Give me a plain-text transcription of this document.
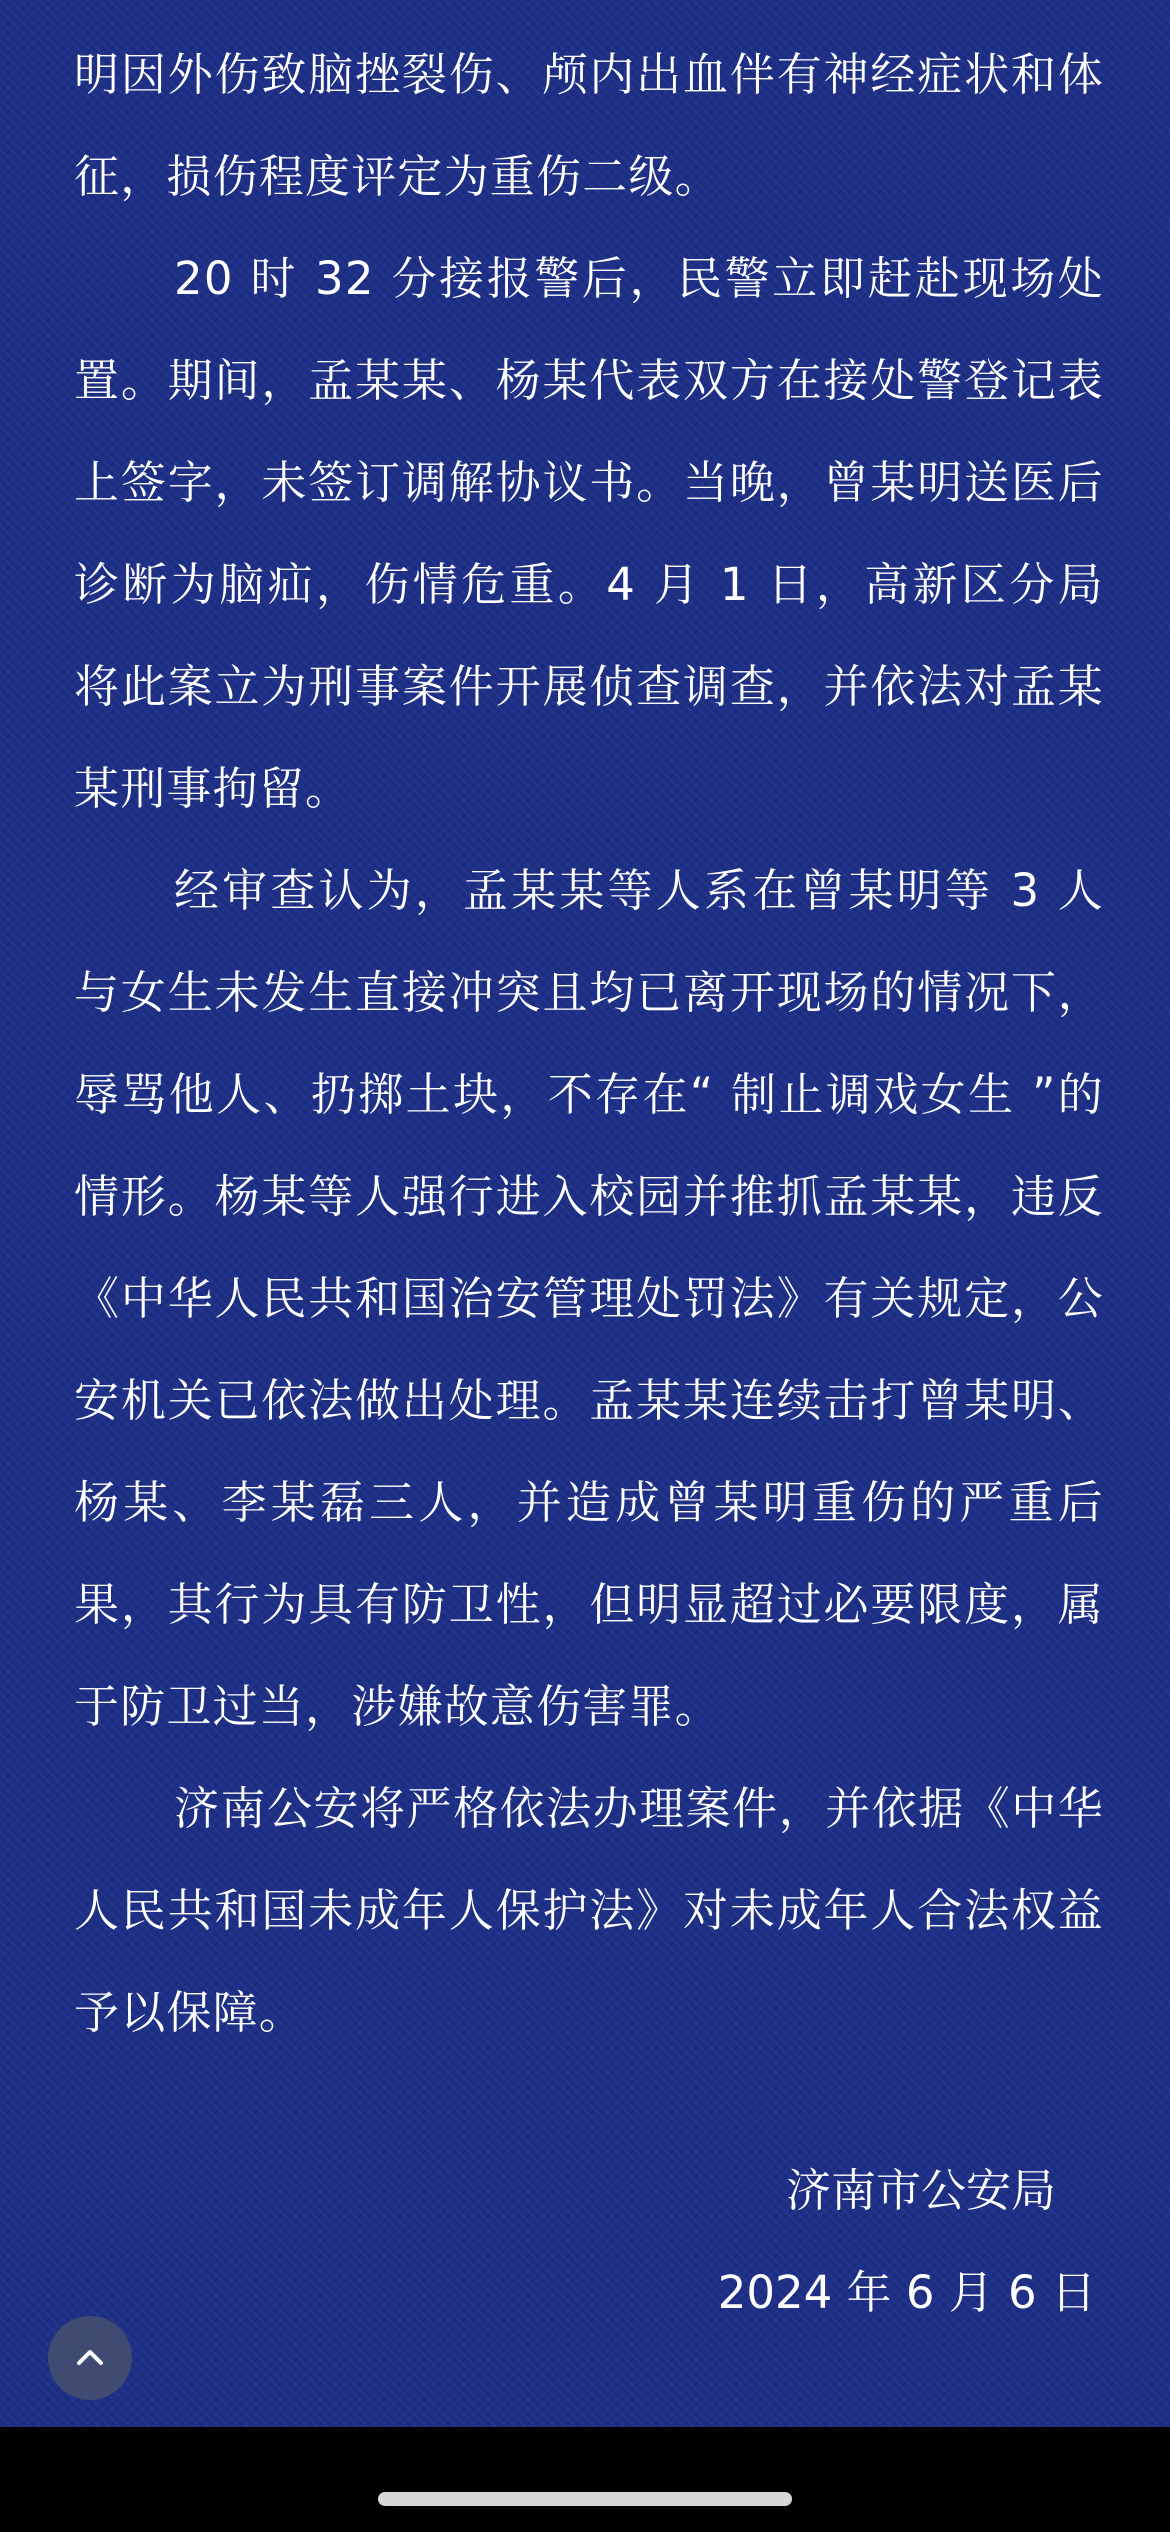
明因外伤致脑挫裂伤、颅内出血伴有神经症状和体征，损伤程度评定为重伤二级。

20 时 32 分接报警后，民警立即赶赴现场处置。期间，孟某某、杨某代表双方在接处警登记表上签字，未签订调解协议书。当晚，曾某明送医后诊断为脑疝，伤情危重。4 月 1 日，高新区分局将此案立为刑事案件开展侦查调查，并依法对孟某某刑事拘留。

经审查认为，孟某某等人系在曾某明等 3 人与女生未发生直接冲突且均已离开现场的情况下，辱骂他人、扔掷土块，不存在“ 制止调戏女生 ”的情形。杨某等人强行进入校园并推抓孟某某，违反《中华人民共和国治安管理处罚法》有关规定，公安机关已依法做出处理。孟某某连续击打曾某明、杨某、李某磊三人，并造成曾某明重伤的严重后果，其行为具有防卫性，但明显超过必要限度，属于防卫过当，涉嫌故意伤害罪。

济南公安将严格依法办理案件，并依据《中华人民共和国未成年人保护法》对未成年人合法权益予以保障。

济南市公安局
2024 年 6 月 6 日
